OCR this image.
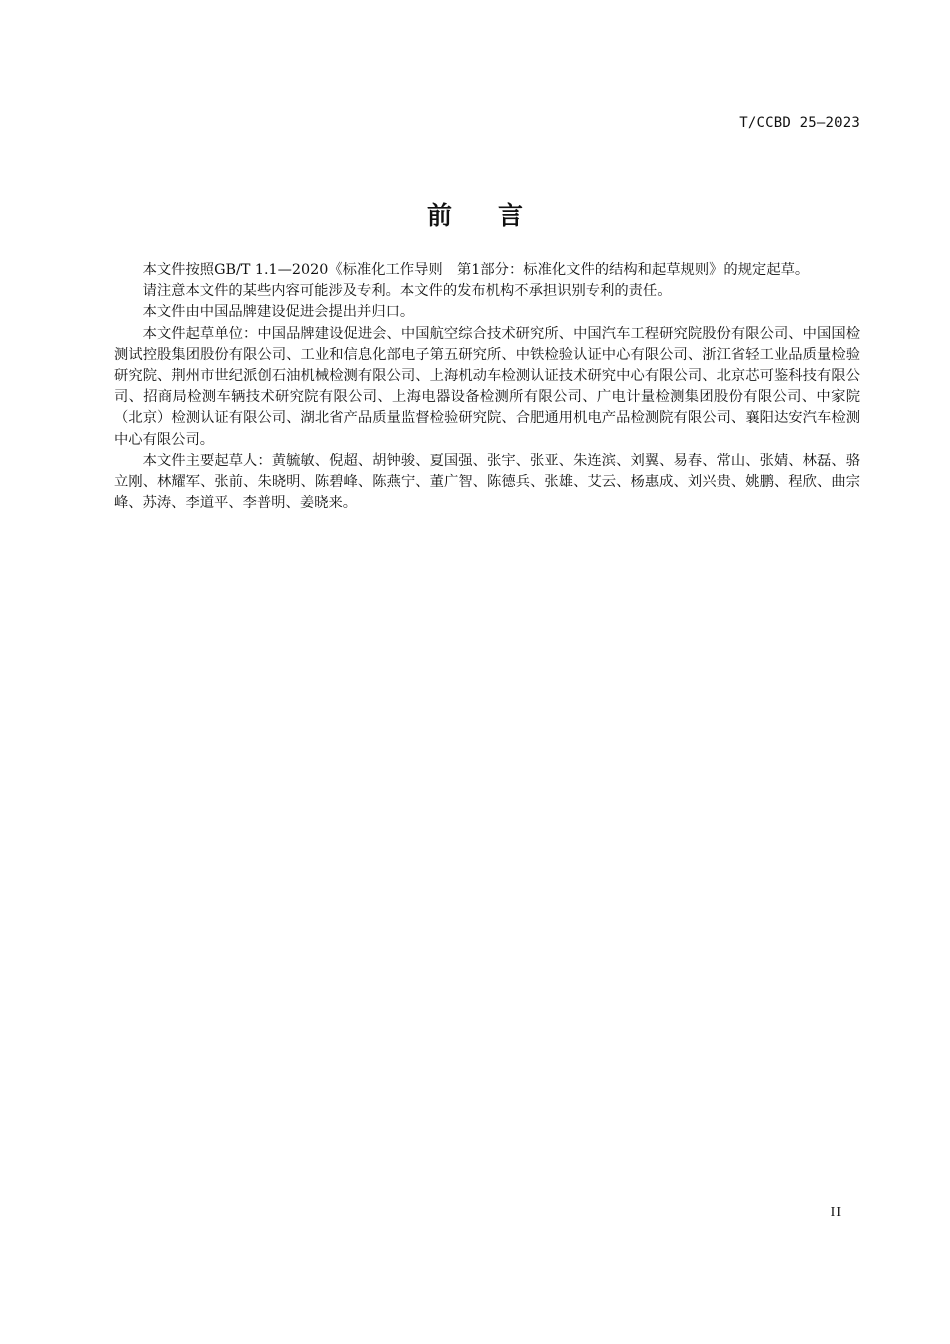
T/CCBD 25—2023
前言

本文件按照GB/T 1.1—2020《标准化工作导则　第1部分：标准化文件的结构和起草规则》的规定起草。

请注意本文件的某些内容可能涉及专利。本文件的发布机构不承担识别专利的责任。

本文件由中国品牌建设促进会提出并归口。

本文件起草单位：中国品牌建设促进会、中国航空综合技术研究所、中国汽车工程研究院股份有限公司、中国国检测试控股集团股份有限公司、工业和信息化部电子第五研究所、中铁检验认证中心有限公司、浙江省轻工业品质量检验研究院、荆州市世纪派创石油机械检测有限公司、上海机动车检测认证技术研究中心有限公司、北京芯可鉴科技有限公司、招商局检测车辆技术研究院有限公司、上海电器设备检测所有限公司、广电计量检测集团股份有限公司、中家院（北京）检测认证有限公司、湖北省产品质量监督检验研究院、合肥通用机电产品检测院有限公司、襄阳达安汽车检测中心有限公司。

本文件主要起草人：黄毓敏、倪超、胡钟骏、夏国强、张宇、张亚、朱连滨、刘翼、易春、常山、张婧、林磊、骆立刚、林耀军、张前、朱晓明、陈碧峰、陈燕宁、董广智、陈德兵、张雄、艾云、杨惠成、刘兴贵、姚鹏、程欣、曲宗峰、苏涛、李道平、李普明、姜晓来。

II
